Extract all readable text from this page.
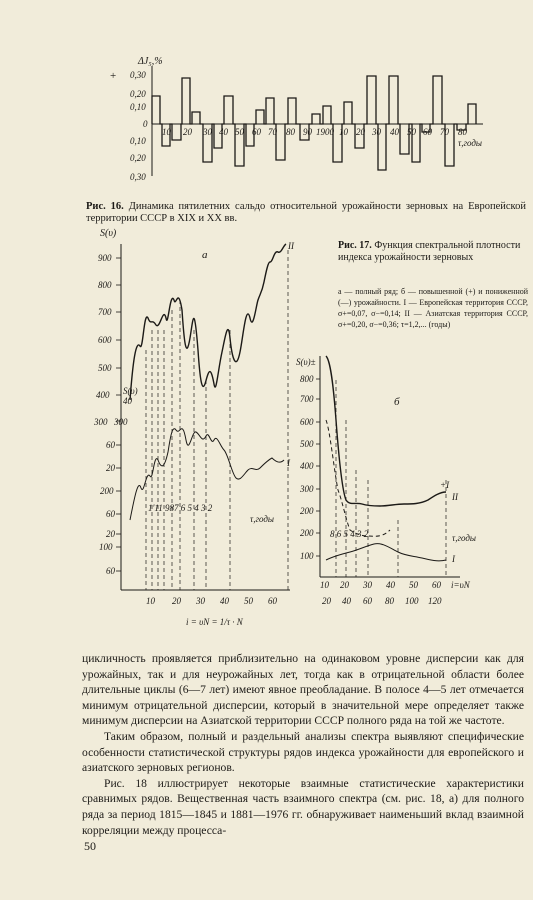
ΔJ₅,%
+ 0,30
0,20
0,10
0
0,10
0,20
0,30
10 20 30 40 50 60 70 80 90 1900 10 20 30 40 50 60 70 80
τ,годы
Рис. 16. Динамика пятилетних сальдо относительной урожайности зерновых на Европейской территории СССР в XIX и XX вв.
S(υ)
а
900
800
700
600
500
400
300
S(υ)
40
300
60
20
200
60
20
100
60
II
I
1'11 987 6 5 4 3 2
τ,годы
10 20 30 40 50 60
i = υN = 1/τ · N
S(υ)±
б
800
700
600
500
400
300
200
200
100
+I
II
I
8 6 5 4 3 2	τ,годы
10 20 30 40 50 60 i=υN
20 40 60 80 100 120
Рис. 17. Функция спектральной плотности индекса урожайности зерновых
а — полный ряд; б — повышенной (+) и пониженной (—) урожайности. I — Европейская территория СССР, σ+=0,07, σ−=0,14; II — Азиатская территория СССР, σ+=0,20, σ−=0,36; τ=1,2,... (годы)

цикличность проявляется приблизительно на одинаковом уровне дисперсии как для урожайных, так и для неурожайных лет, тогда как в отрицательной области более длительные циклы (6—7 лет) имеют явное преобладание. В полосе 4—5 лет отмечается минимум отрицательной дисперсии, который в значительной мере определяет также минимум дисперсии на Азиатской территории СССР полного ряда на той же частоте.

Таким образом, полный и раздельный анализы спектра выявляют специфические особенности статистической структуры рядов индекса урожайности для европейского и азиатского зерновых регионов.

Рис. 18 иллюстрирует некоторые взаимные статистические характеристики сравнимых рядов. Вещественная часть взаимного спектра (см. рис. 18, а) для полного ряда за период 1815—1845 и 1881—1976 гг. обнаруживает наименьший вклад взаимной корреляции между процесса-

50
